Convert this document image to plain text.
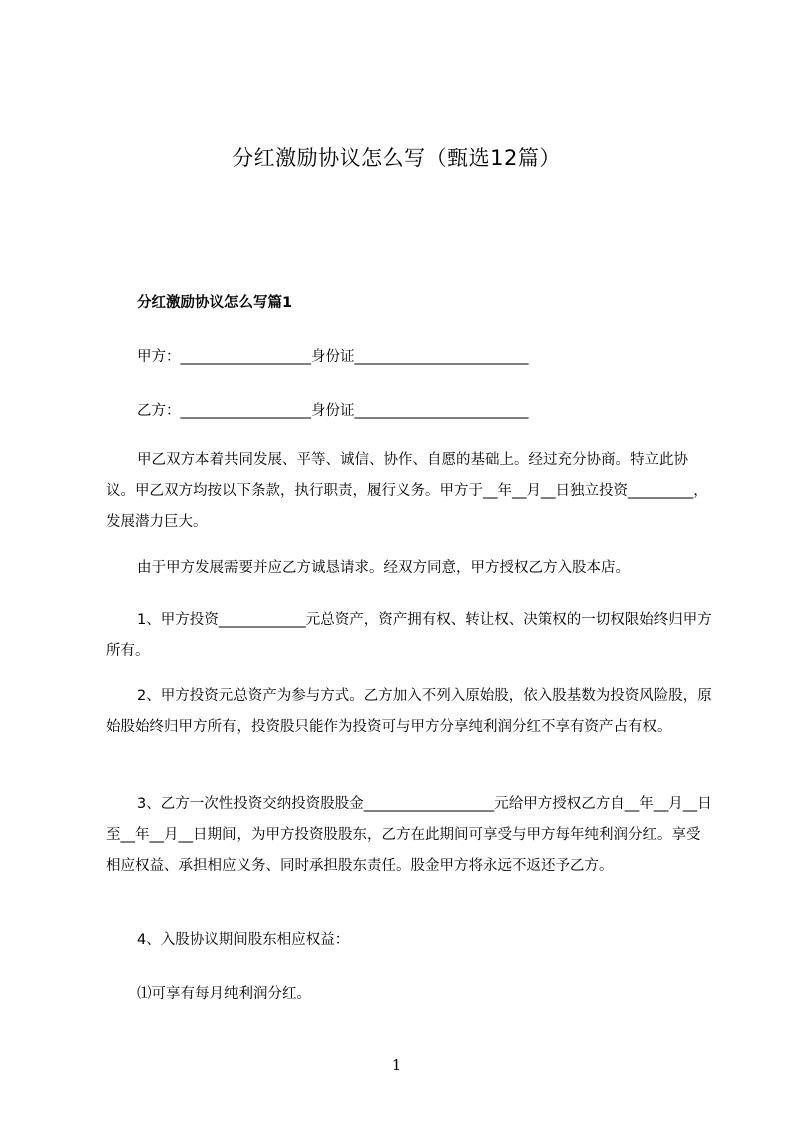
分红激励协议怎么写（甄选12篇）
分红激励协议怎么写篇1

甲方：__________________身份证________________________

乙方：__________________身份证________________________

甲乙双方本着共同发展、平等、诚信、协作、自愿的基础上。经过充分协商。特立此协议。甲乙双方均按以下条款，执行职责，履行义务。甲方于__年__月__日独立投资_________，发展潜力巨大。

由于甲方发展需要并应乙方诚恳请求。经双方同意，甲方授权乙方入股本店。

1、甲方投资____________元总资产，资产拥有权、转让权、决策权的一切权限始终归甲方所有。

2、甲方投资元总资产为参与方式。乙方加入不列入原始股，依入股基数为投资风险股，原始股始终归甲方所有，投资股只能作为投资可与甲方分享纯利润分红不享有资产占有权。

3、乙方一次性投资交纳投资股股金__________________元给甲方授权乙方自__年__月__日至__年__月__日期间，为甲方投资股股东，乙方在此期间可享受与甲方每年纯利润分红。享受相应权益、承担相应义务、同时承担股东责任。股金甲方将永远不返还予乙方。

4、入股协议期间股东相应权益：

⑴可享有每月纯利润分红。

1
